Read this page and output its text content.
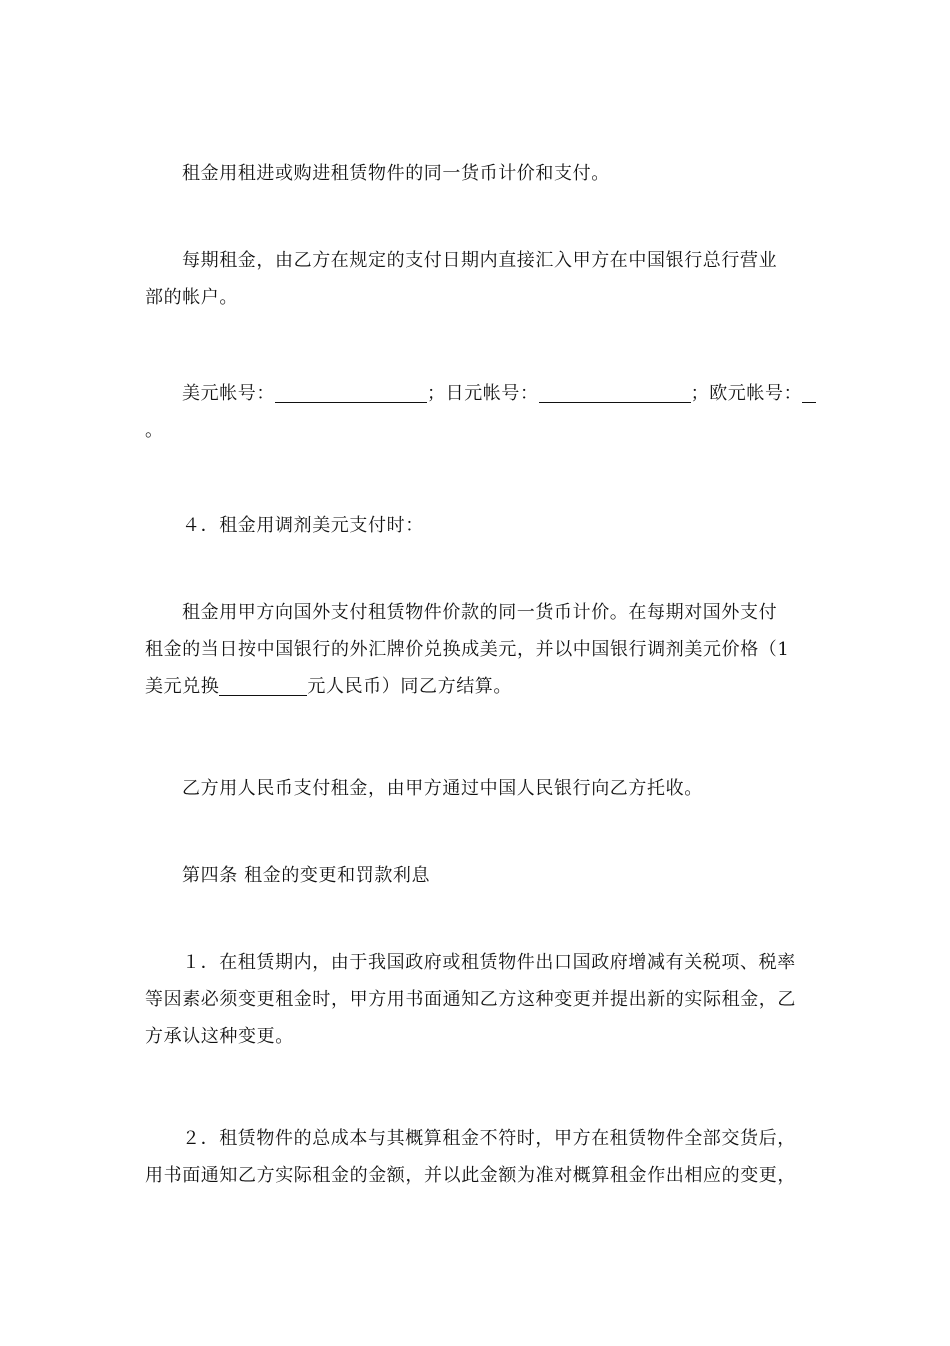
租金用租进或购进租赁物件的同一货币计价和支付。
每期租金，由乙方在规定的支付日期内直接汇入甲方在中国银行总行营业
部的帐户。
美元帐号：	；日元帐号：	；欧元帐号：
。
４．租金用调剂美元支付时：
租金用甲方向国外支付租赁物件价款的同一货币计价。在每期对国外支付
租金的当日按中国银行的外汇牌价兑换成美元，并以中国银行调剂美元价格（1
美元兑换	元人民币）同乙方结算。
乙方用人民币支付租金，由甲方通过中国人民银行向乙方托收。
第四条 租金的变更和罚款利息
１．在租赁期内，由于我国政府或租赁物件出口国政府增减有关税项、税率
等因素必须变更租金时，甲方用书面通知乙方这种变更并提出新的实际租金，乙
方承认这种变更。
２．租赁物件的总成本与其概算租金不符时，甲方在租赁物件全部交货后，
用书面通知乙方实际租金的金额，并以此金额为准对概算租金作出相应的变更，
